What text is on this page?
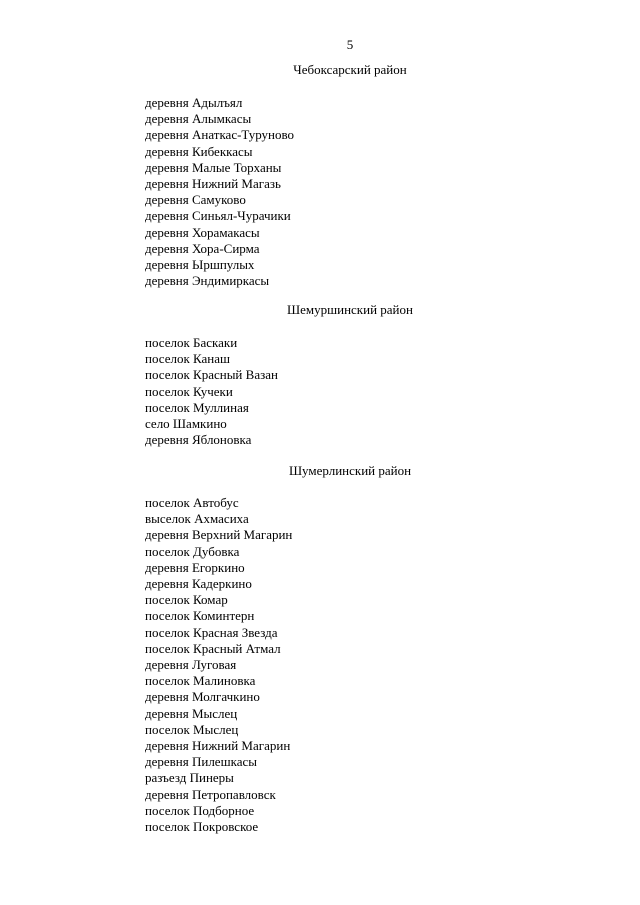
5
Чебоксарский район
деревня Адылъял
деревня Алымкасы
деревня Анаткас-Туруново
деревня Кибеккасы
деревня Малые Торханы
деревня Нижний Магазь
деревня Самуково
деревня Синьял-Чурачики
деревня Хорамакасы
деревня Хора-Сирма
деревня Ыршпулых
деревня Эндимиркасы
Шемуршинский район
поселок Баскаки
поселок Канаш
поселок Красный Вазан
поселок Кучеки
поселок Муллиная
село Шамкино
деревня Яблоновка
Шумерлинский район
поселок Автобус
выселок Ахмасиха
деревня Верхний Магарин
поселок Дубовка
деревня Егоркино
деревня Кадеркино
поселок Комар
поселок Коминтерн
поселок Красная Звезда
поселок Красный Атмал
деревня Луговая
поселок Малиновка
деревня Молгачкино
деревня Мыслец
поселок Мыслец
деревня Нижний Магарин
деревня Пилешкасы
разъезд Пинеры
деревня Петропавловск
поселок Подборное
поселок Покровское
